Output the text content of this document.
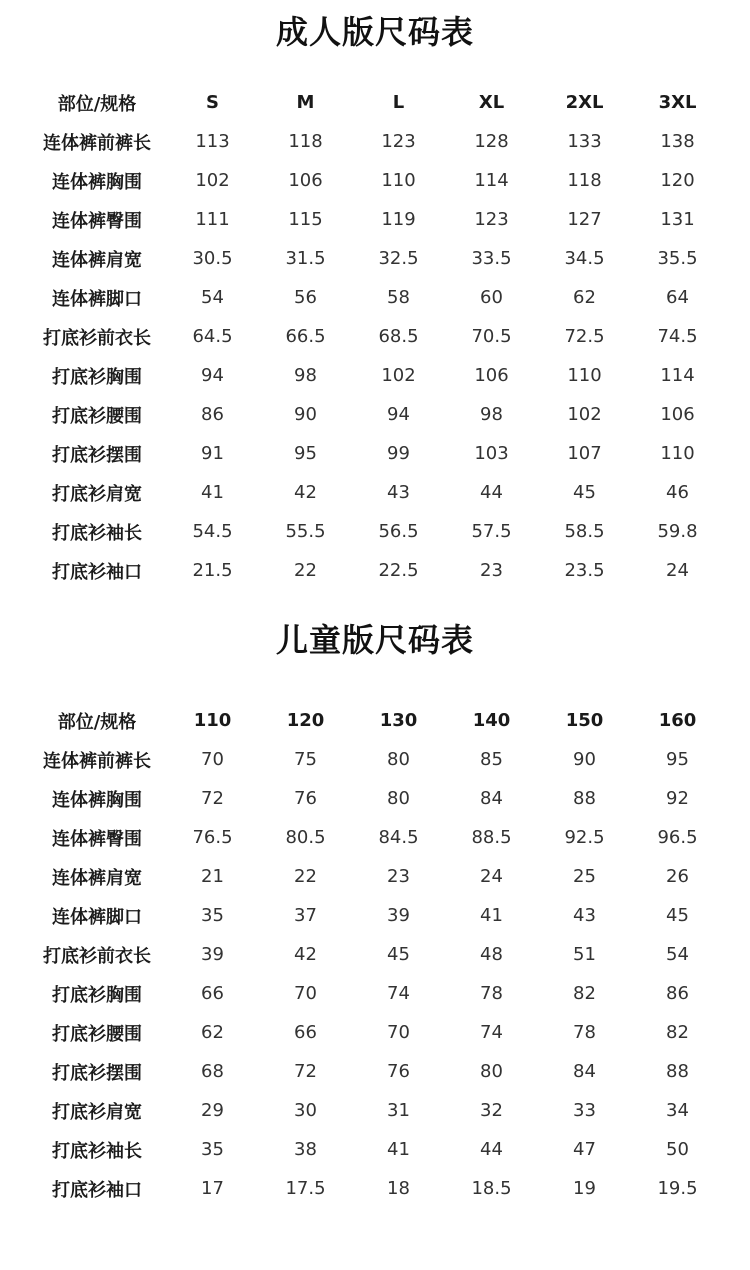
成人版尺码表
部位/规格	S	M	L	XL	2XL	3XL
连体裤前裤长	113	118	123	128	133	138
连体裤胸围	102	106	110	114	118	120
连体裤臀围	111	115	119	123	127	131
连体裤肩宽	30.5	31.5	32.5	33.5	34.5	35.5
连体裤脚口	54	56	58	60	62	64
打底衫前衣长	64.5	66.5	68.5	70.5	72.5	74.5
打底衫胸围	94	98	102	106	110	114
打底衫腰围	86	90	94	98	102	106
打底衫摆围	91	95	99	103	107	110
打底衫肩宽	41	42	43	44	45	46
打底衫袖长	54.5	55.5	56.5	57.5	58.5	59.8
打底衫袖口	21.5	22	22.5	23	23.5	24
儿童版尺码表
部位/规格	110	120	130	140	150	160
连体裤前裤长	70	75	80	85	90	95
连体裤胸围	72	76	80	84	88	92
连体裤臀围	76.5	80.5	84.5	88.5	92.5	96.5
连体裤肩宽	21	22	23	24	25	26
连体裤脚口	35	37	39	41	43	45
打底衫前衣长	39	42	45	48	51	54
打底衫胸围	66	70	74	78	82	86
打底衫腰围	62	66	70	74	78	82
打底衫摆围	68	72	76	80	84	88
打底衫肩宽	29	30	31	32	33	34
打底衫袖长	35	38	41	44	47	50
打底衫袖口	17	17.5	18	18.5	19	19.5
